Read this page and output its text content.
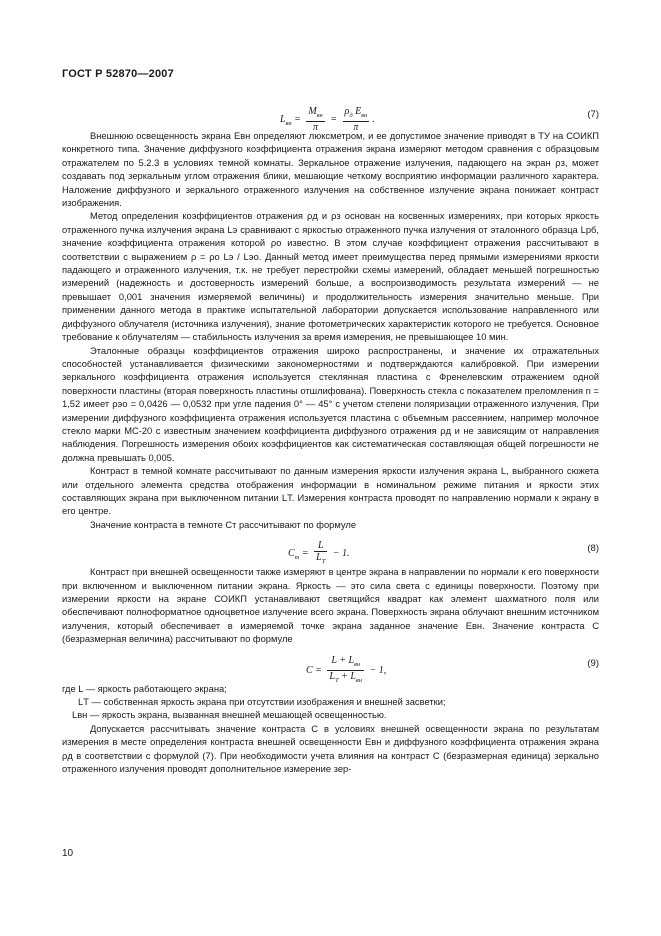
ГОСТ Р 52870—2007
$L_{вн} = \frac{M_{вн}}{\pi} = \frac{\rho_д E_{вн}}{\pi}$ .	(7)

Внешнюю освещенность экрана Eвн определяют люксметром, и ее допустимое значение приводят в ТУ на СОИКП конкретного типа. Значение диффузного коэффициента отражения экрана измеряют методом сравнения с образцовым отражателем по 5.2.3 в условиях темной комнаты. Зеркальное отражение излучения, падающего на экран ρз, может создавать под зеркальным углом отражения блики, мешающие четкому восприятию информации различного характера. Наложение диффузного и зеркального отраженного излучения на собственное излучение экрана понижает контраст изображения.

Метод определения коэффициентов отражения ρд и ρз основан на косвенных измерениях, при которых яркость отраженного пучка излучения экрана Lэ сравнивают с яркостью отраженного пучка излучения от эталонного образца Lрб, значение коэффициента отражения которой ρо известно. В этом случае коэффициент отражения рассчитывают в соответствии с выражением ρ = ρо Lэ / Lэо. Данный метод имеет преимущества перед прямыми измерениями яркости падающего и отраженного излучения, т.к. не требует перестройки схемы измерений, обладает меньшей погрешностью измерений (надежность и достоверность измерений больше, а воспроизводимость результата измерений — не превышает 0,001 значения измеряемой величины) и продолжительность измерения значительно меньше. При применении данного метода в практике испытательной лаборатории допускается использование направленного или диффузного облучателя (источника излучения), знание фотометрических характеристик которого не требуется. Основное требование к облучателям — стабильность излучения за время измерения, не превышающее 10 мин.

Эталонные образцы коэффициентов отражения широко распространены, и значение их отражательных способностей устанавливается физическими закономерностями и подтверждаются калибровкой. При измерении зеркального коэффициента отражения используется стеклянная пластина с Френелевским отражением одной поверхности пластины (вторая поверхность пластины отшлифована). Поверхность стекла с показателем преломления n = 1,52 имеет ρэо = 0,0426 — 0,0532 при угле падения 0° — 45° с учетом степени поляризации отраженного излучения. При измерении диффузного коэффициента отражения используется пластина с объемным рассеянием, например молочное стекло марки МС-20 с известным значением коэффициента диффузного отражения ρд и не зависящим от направления наблюдения. Погрешность измерения обоих коэффициентов как систематическая составляющая общей погрешности не должна превышать 0,005.

Контраст в темной комнате рассчитывают по данным измерения яркости излучения экрана L, выбранного сюжета или отдельного элемента средства отображения информации в номинальном режиме питания и яркости этих составляющих экрана при выключенном питании LТ. Измерения контраста проводят по направлению нормали к экрану в его центре.

Значение контраста в темноте Cт рассчитывают по формуле

$C_т = \frac{L}{L_Т} - 1$.	(8)

Контраст при внешней освещенности также измеряют в центре экрана в направлении по нормали к его поверхности при включенном и выключенном питании экрана. Яркость — это сила света с единицы поверхности. Поэтому при измерении яркости на экране СОИКП устанавливают светящийся квадрат как элемент шахматного поля или обеспечивают полноформатное одноцветное излучение всего экрана. Поверхность экрана облучают внешним источником излучения, который обеспечивает в измеряемой точке экрана заданное значение Eвн. Значение контраста C (безразмерная величина) рассчитывают по формуле

$C = \frac{L + L_{вн}}{L_Т + L_{вн}} - 1$,
(9)

где L — яркость работающего экрана;

LТ — собственная яркость экрана при отсутствии изображения и внешней засветки;

Lвн — яркость экрана, вызванная внешней мешающей освещенностью.

Допускается рассчитывать значение контраста C в условиях внешней освещенности экрана по результатам измерения в месте определения контраста внешней освещенности Eвн и диффузного коэффициента отражения экрана ρд в соответствии с формулой (7). При необходимости учета влияния на контраст C (безразмерная единица) зеркально отраженного излучения проводят дополнительное измерение зер-

10
